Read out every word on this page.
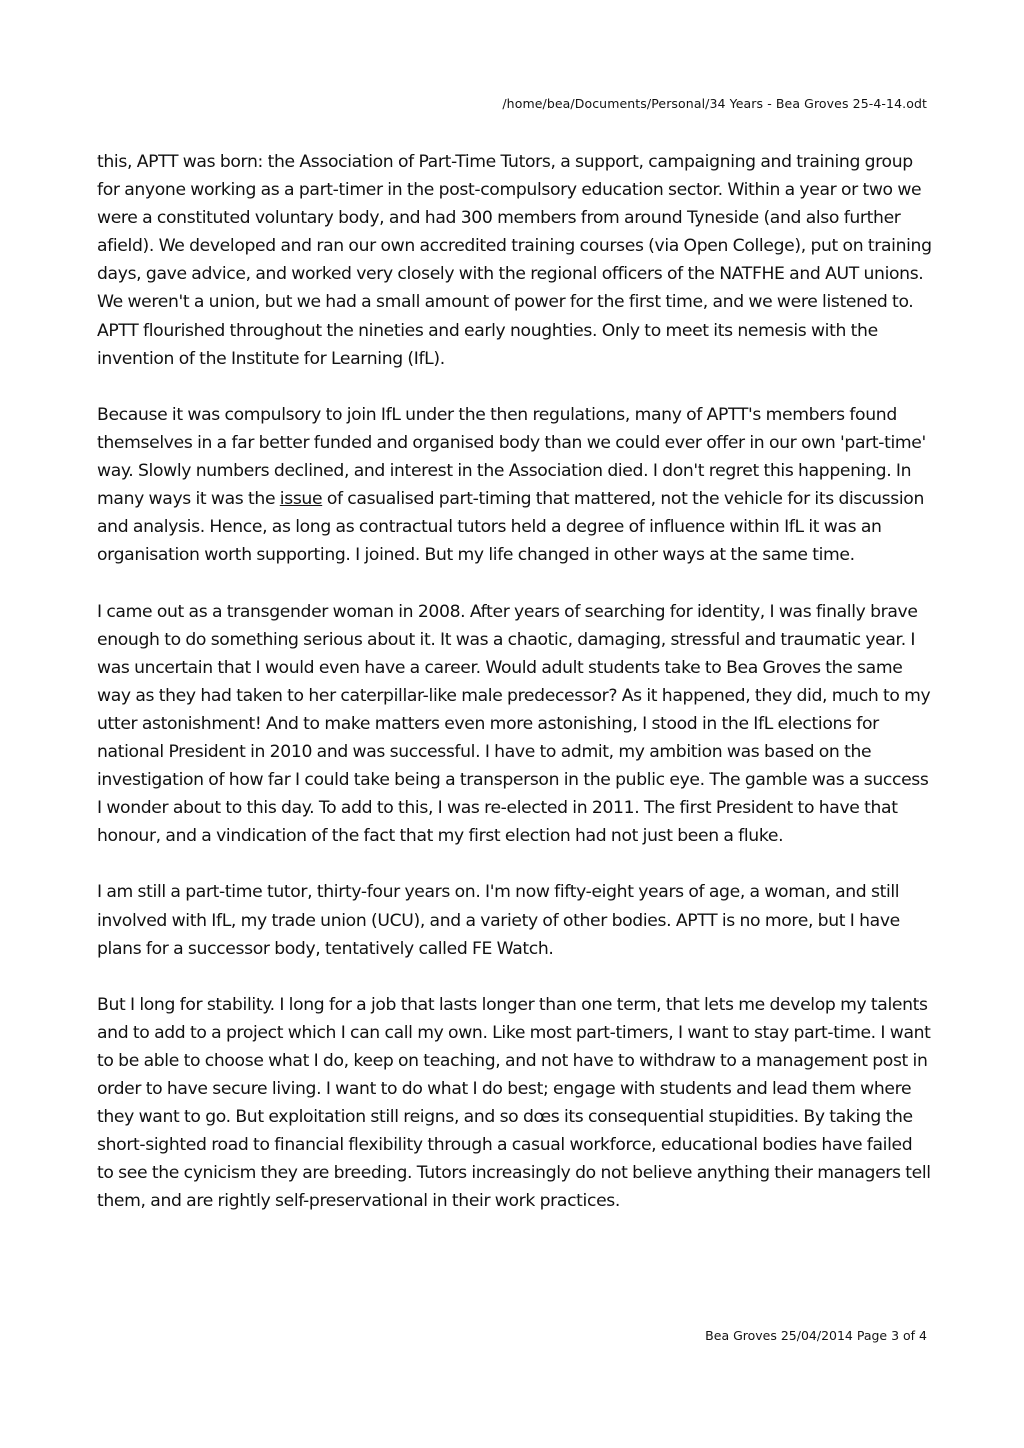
/home/bea/Documents/Personal/34 Years - Bea Groves 25-4-14.odt

this, APTT was born: the Association of Part-Time Tutors, a support, campaigning and training group for anyone working as a part-timer in the post-compulsory education sector. Within a year or two we were a constituted voluntary body, and had 300 members from around Tyneside (and also further afield). We developed and ran our own accredited training courses (via Open College), put on training days, gave advice, and worked very closely with the regional officers of the NATFHE and AUT unions. We weren't a union, but we had a small amount of power for the first time, and we were listened to. APTT flourished throughout the nineties and early noughties. Only to meet its nemesis with the invention of the Institute for Learning (IfL).

Because it was compulsory to join IfL under the then regulations, many of APTT's members found themselves in a far better funded and organised body than we could ever offer in our own 'part-time' way. Slowly numbers declined, and interest in the Association died. I don't regret this happening. In many ways it was the issue of casualised part-timing that mattered, not the vehicle for its discussion and analysis. Hence, as long as contractual tutors held a degree of influence within IfL it was an organisation worth supporting. I joined. But my life changed in other ways at the same time.

I came out as a transgender woman in 2008. After years of searching for identity, I was finally brave enough to do something serious about it. It was a chaotic, damaging, stressful and traumatic year. I was uncertain that I would even have a career. Would adult students take to Bea Groves the same way as they had taken to her caterpillar-like male predecessor? As it happened, they did, much to my utter astonishment! And to make matters even more astonishing, I stood in the IfL elections for national President in 2010 and was successful. I have to admit, my ambition was based on the investigation of how far I could take being a transperson in the public eye. The gamble was a success I wonder about to this day. To add to this, I was re-elected in 2011. The first President to have that honour, and a vindication of the fact that my first election had not just been a fluke.

I am still a part-time tutor, thirty-four years on. I'm now fifty-eight years of age, a woman, and still involved with IfL, my trade union (UCU), and a variety of other bodies. APTT is no more, but I have plans for a successor body, tentatively called FE Watch.

But I long for stability. I long for a job that lasts longer than one term, that lets me develop my talents and to add to a project which I can call my own. Like most part-timers, I want to stay part-time. I want to be able to choose what I do, keep on teaching, and not have to withdraw to a management post in order to have secure living. I want to do what I do best; engage with students and lead them where they want to go. But exploitation still reigns, and so dœs its consequential stupidities. By taking the short-sighted road to financial flexibility through a casual workforce, educational bodies have failed to see the cynicism they are breeding. Tutors increasingly do not believe anything their managers tell them, and are rightly self-preservational in their work practices.

Bea Groves 25/04/2014 Page 3 of 4
